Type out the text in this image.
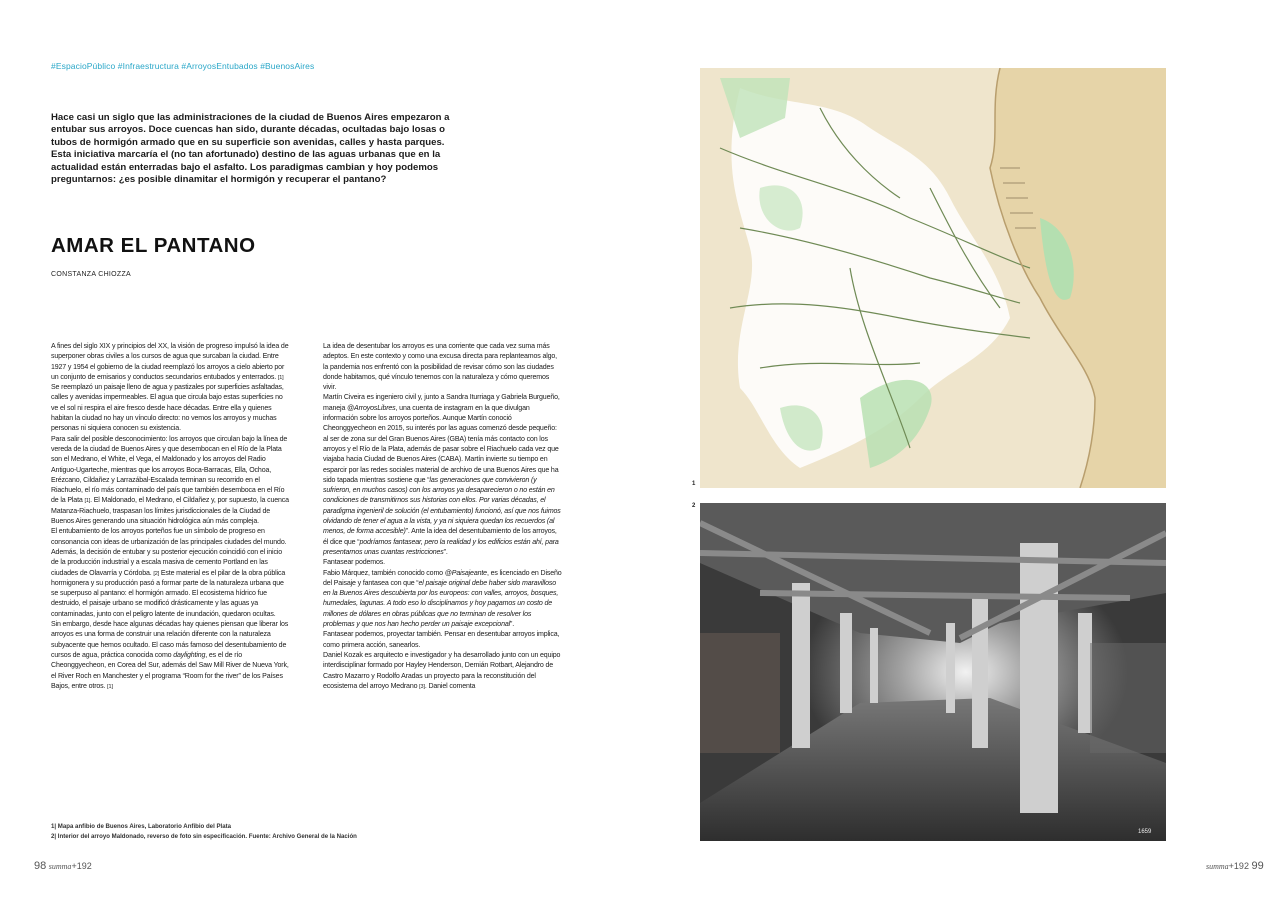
#EspacioPúblico #Infraestructura #ArroyosEntubados #BuenosAires

Hace casi un siglo que las administraciones de la ciudad de Buenos Aires empezaron a entubar sus arroyos. Doce cuencas han sido, durante décadas, ocultadas bajo losas o tubos de hormigón armado que en su superficie son avenidas, calles y hasta parques. Esta iniciativa marcaría el (no tan afortunado) destino de las aguas urbanas que en la actualidad están enterradas bajo el asfalto. Los paradigmas cambian y hoy podemos preguntarnos: ¿es posible dinamitar el hormigón y recuperar el pantano?

AMAR EL PANTANO
CONSTANZA CHIOZZA

A fines del siglo XIX y principios del XX, la visión de progreso impulsó la idea de superponer obras civiles a los cursos de agua que surcaban la ciudad. Entre 1927 y 1954 el gobierno de la ciudad reemplazó los arroyos a cielo abierto por un conjunto de emisarios y conductos secundarios entubados y enterrados. [1] Se reemplazó un paisaje lleno de agua y pastizales por superficies asfaltadas, calles y avenidas impermeables. El agua que circula bajo estas superficies no ve el sol ni respira el aire fresco desde hace décadas. Entre ella y quienes habitan la ciudad no hay un vínculo directo: no vemos los arroyos y muchas personas ni siquiera conocen su existencia.

Para salir del posible desconocimiento: los arroyos que circulan bajo la línea de vereda de la ciudad de Buenos Aires y que desembocan en el Río de la Plata son el Medrano, el White, el Vega, el Maldonado y los arroyos del Radio Antiguo-Ugarteche, mientras que los arroyos Boca-Barracas, Ella, Ochoa, Erézcano, Cildañez y Larrazábal-Escalada terminan su recorrido en el Riachuelo, el río más contaminado del país que también desemboca en el Río de la Plata [1]. El Maldonado, el Medrano, el Cildañez y, por supuesto, la cuenca Matanza-Riachuelo, traspasan los límites jurisdiccionales de la Ciudad de Buenos Aires generando una situación hidrológica aún más compleja.

El entubamiento de los arroyos porteños fue un símbolo de progreso en consonancia con ideas de urbanización de las principales ciudades del mundo. Además, la decisión de entubar y su posterior ejecución coincidió con el inicio de la producción industrial y a escala masiva de cemento Portland en las ciudades de Olavarría y Córdoba. [2] Este material es el pilar de la obra pública hormigonera y su producción pasó a formar parte de la naturaleza urbana que se superpuso al pantano: el hormigón armado. El ecosistema hídrico fue destruido, el paisaje urbano se modificó drásticamente y las aguas ya contaminadas, junto con el peligro latente de inundación, quedaron ocultas.

Sin embargo, desde hace algunas décadas hay quienes piensan que liberar los arroyos es una forma de construir una relación diferente con la naturaleza subyacente que hemos ocultado. El caso más famoso del desentubamiento de cursos de agua, práctica conocida como daylighting, es el de río Cheonggyecheon, en Corea del Sur, además del Saw Mill River de Nueva York, el River Roch en Manchester y el programa “Room for the river” de los Países Bajos, entre otros. [1]

La idea de desentubar los arroyos es una corriente que cada vez suma más adeptos. En este contexto y como una excusa directa para replanteamos algo, la pandemia nos enfrentó con la posibilidad de revisar cómo son las ciudades donde habitamos, qué vínculo tenemos con la naturaleza y cómo queremos vivir.

Martín Civeira es ingeniero civil y, junto a Sandra Iturriaga y Gabriela Burgueño, maneja @ArroyosLibres, una cuenta de instagram en la que divulgan información sobre los arroyos porteños. Aunque Martín conoció Cheonggyecheon en 2015, su interés por las aguas comenzó desde pequeño: al ser de zona sur del Gran Buenos Aires (GBA) tenía más contacto con los arroyos y el Río de la Plata, además de pasar sobre el Riachuelo cada vez que viajaba hacia Ciudad de Buenos Aires (CABA). Martín invierte su tiempo en esparcir por las redes sociales material de archivo de una Buenos Aires que ha sido tapada mientras sostiene que “las generaciones que convivieron (y sufrieron, en muchos casos) con los arroyos ya desaparecieron o no están en condiciones de transmitirnos sus historias con ellos. Por varias décadas, el paradigma ingenieril de solución (el entubamiento) funcionó, así que nos fuimos olvidando de tener el agua a la vista, y ya ni siquiera quedan los recuerdos (al menos, de forma accesible)”. Ante la idea del desentubamiento de los arroyos, él dice que “podríamos fantasear, pero la realidad y los edificios están ahí, para presentarnos unas cuantas restricciones”.

Fantasear podemos.

Fabio Márquez, también conocido como @Paisajeante, es licenciado en Diseño del Paisaje y fantasea con que “el paisaje original debe haber sido maravilloso en la Buenos Aires descubierta por los europeos: con valles, arroyos, bosques, humedales, lagunas. A todo eso lo disciplinamos y hoy pagamos un costo de millones de dólares en obras públicas que no terminan de resolver los problemas y que nos han hecho perder un paisaje excepcional”.

Fantasear podemos, proyectar también. Pensar en desentubar arroyos implica, como primera acción, sanearlos.

Daniel Kozak es arquitecto e investigador y ha desarrollado junto con un equipo interdisciplinar formado por Hayley Henderson, Demián Rotbart, Alejandro de Castro Mazarro y Rodolfo Aradas un proyecto para la reconstitución del ecosistema del arroyo Medrano [3]. Daniel comenta

1| Mapa anfibio de Buenos Aires, Laboratorio Anfibio del Plata

2| Interior del arroyo Maldonado, reverso de foto sin especificación. Fuente: Archivo General de la Nación

98 summa+192	summa+192 99
1
2
1659
